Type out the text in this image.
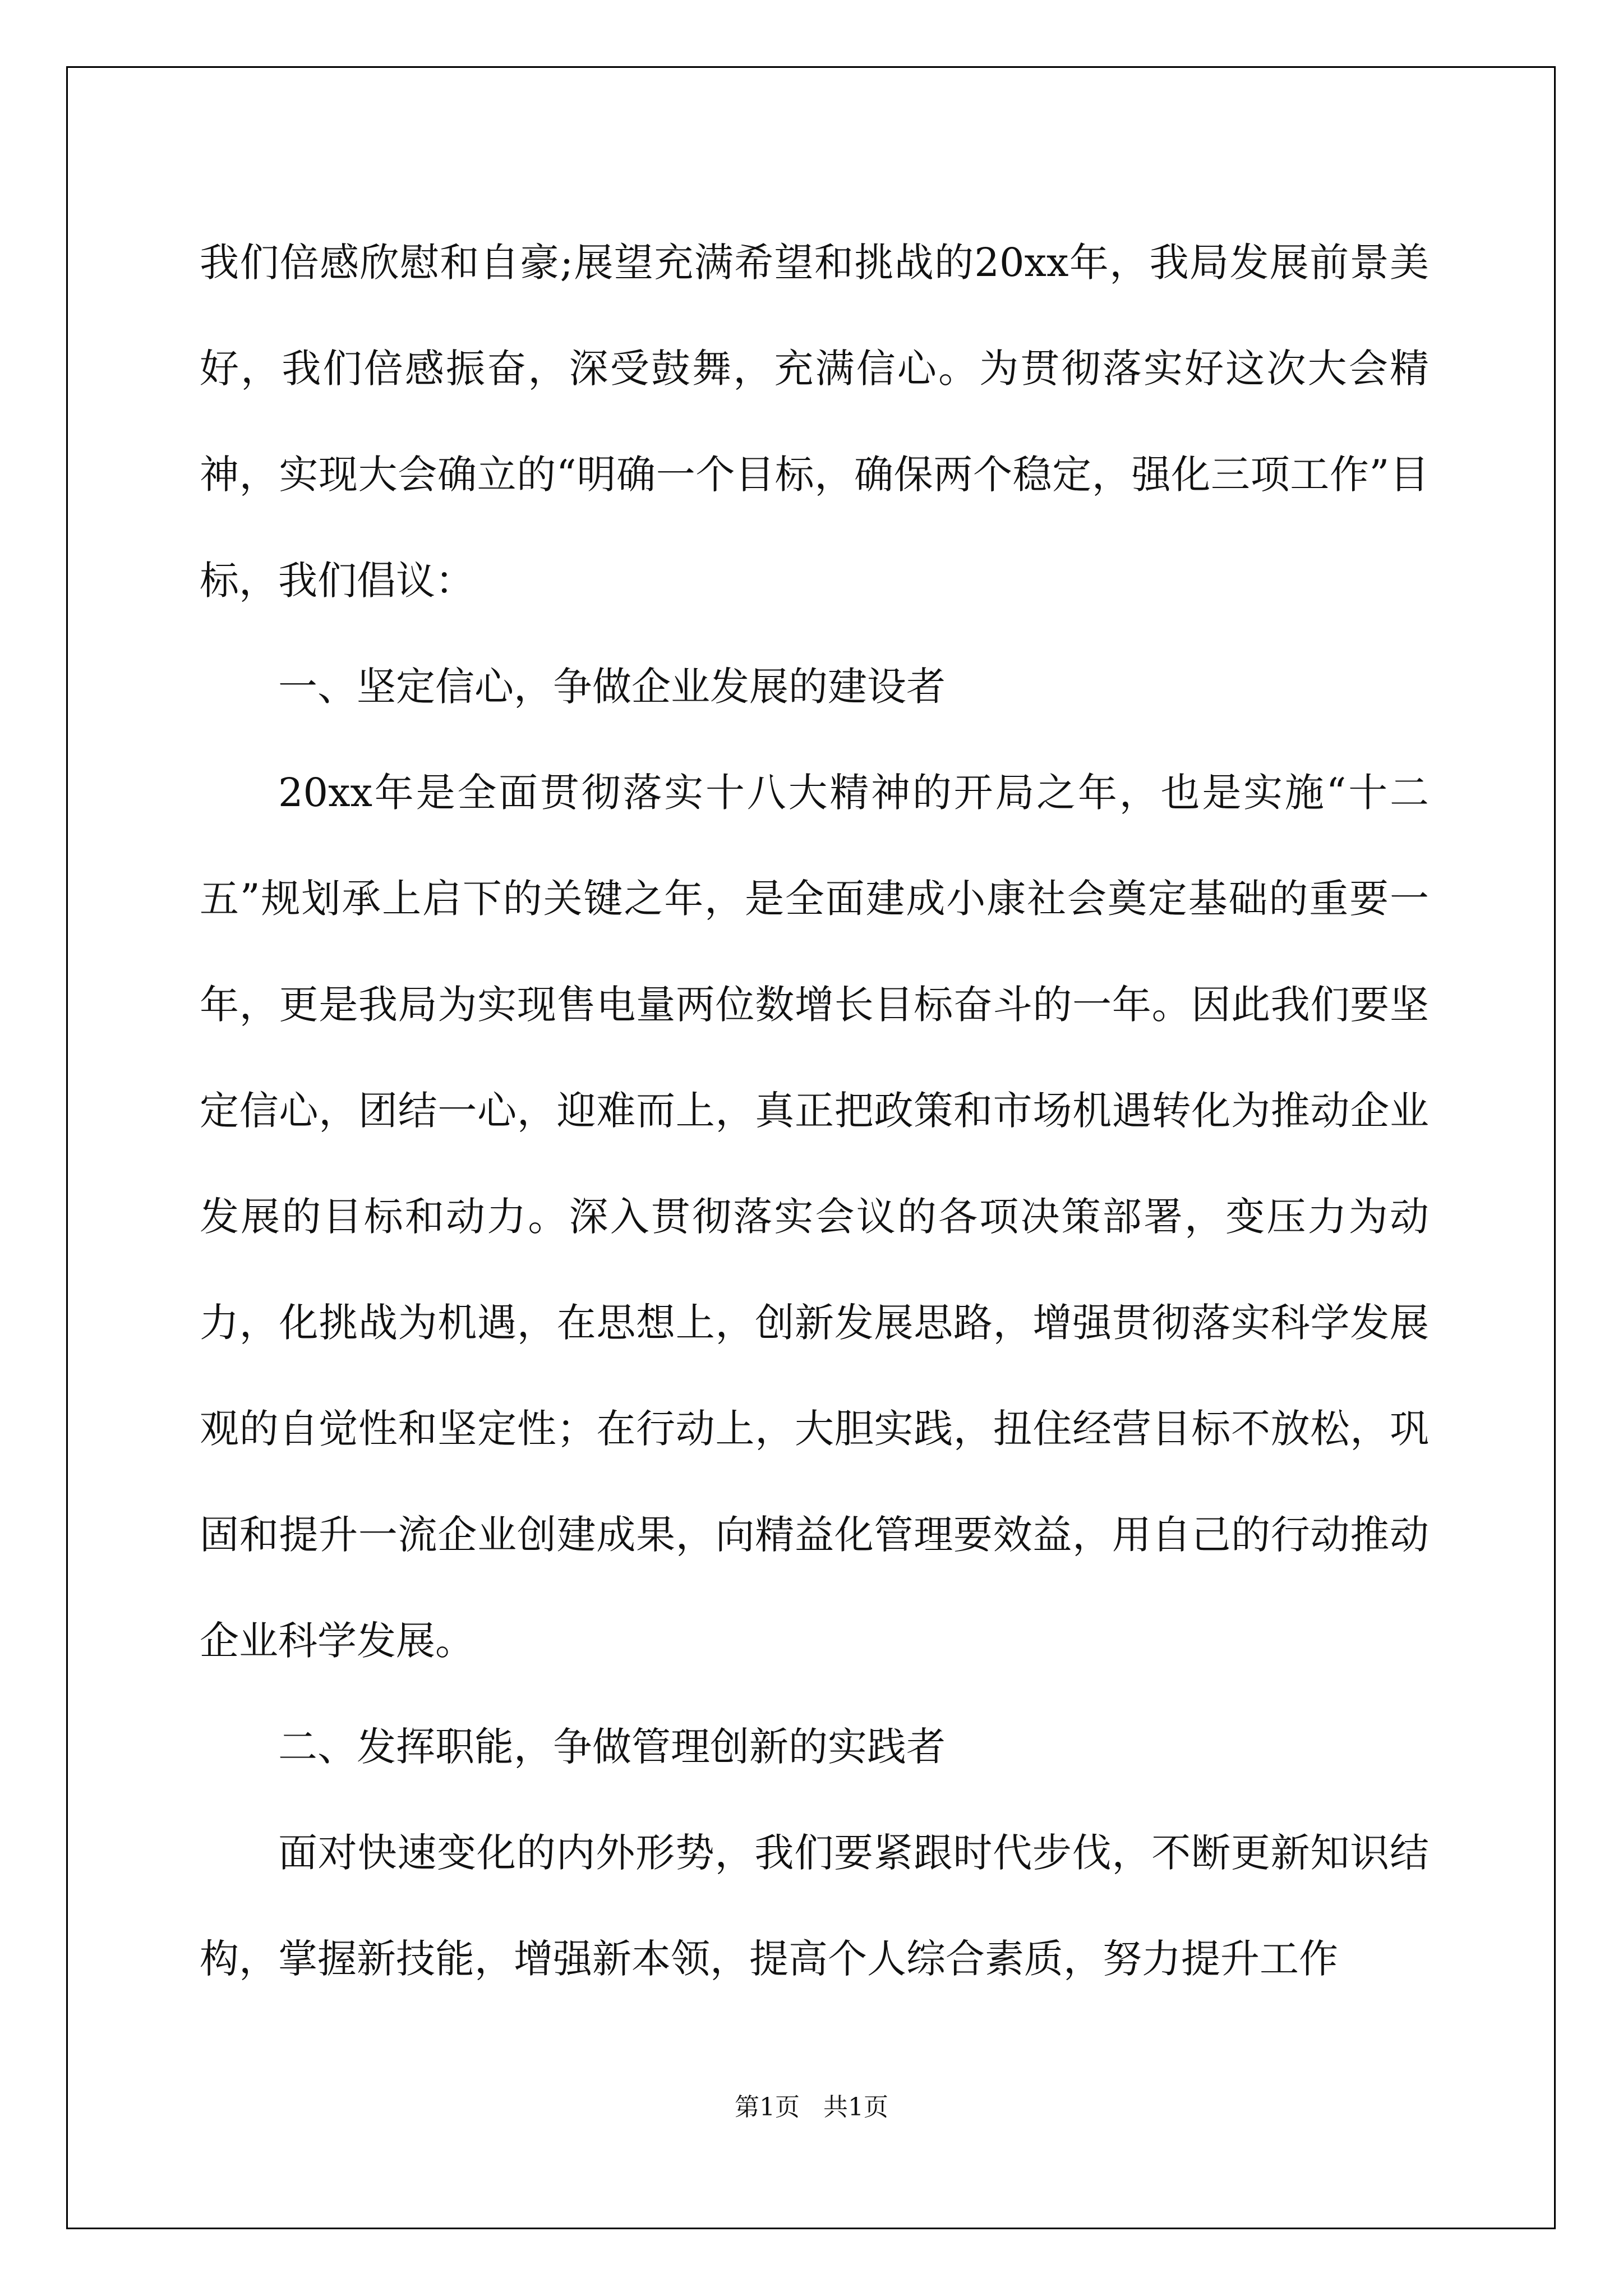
我们倍感欣慰和自豪;展望充满希望和挑战的20xx年，我局发展前景美好，我们倍感振奋，深受鼓舞，充满信心。为贯彻落实好这次大会精神，实现大会确立的“明确一个目标，确保两个稳定，强化三项工作”目标，我们倡议：

一、坚定信心，争做企业发展的建设者

20xx年是全面贯彻落实十八大精神的开局之年，也是实施“十二五”规划承上启下的关键之年，是全面建成小康社会奠定基础的重要一年，更是我局为实现售电量两位数增长目标奋斗的一年。因此我们要坚定信心，团结一心，迎难而上，真正把政策和市场机遇转化为推动企业发展的目标和动力。深入贯彻落实会议的各项决策部署，变压力为动力，化挑战为机遇，在思想上，创新发展思路，增强贯彻落实科学发展观的自觉性和坚定性；在行动上，大胆实践，扭住经营目标不放松，巩固和提升一流企业创建成果，向精益化管理要效益，用自己的行动推动企业科学发展。

二、发挥职能，争做管理创新的实践者

面对快速变化的内外形势，我们要紧跟时代步伐，不断更新知识结构，掌握新技能，增强新本领，提高个人综合素质，努力提升工作

第1页   共1页
